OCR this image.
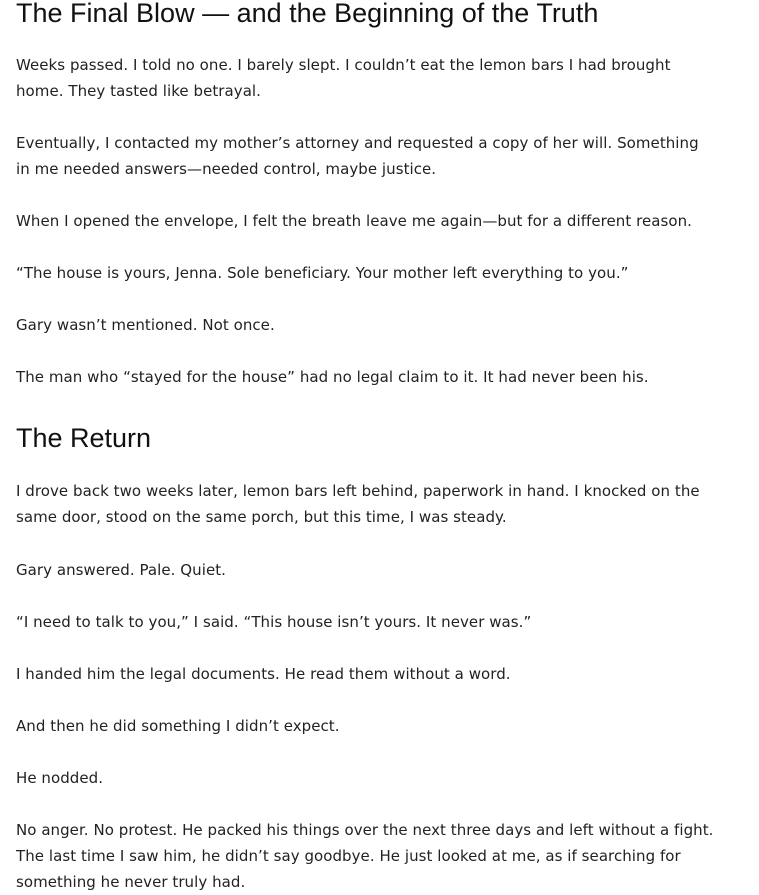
The Final Blow — and the Beginning of the Truth

Weeks passed. I told no one. I barely slept. I couldn’t eat the lemon bars I had brought home. They tasted like betrayal.

Eventually, I contacted my mother’s attorney and requested a copy of her will. Something in me needed answers—needed control, maybe justice.

When I opened the envelope, I felt the breath leave me again—but for a different reason.

“The house is yours, Jenna. Sole beneficiary. Your mother left everything to you.”

Gary wasn’t mentioned. Not once.

The man who “stayed for the house” had no legal claim to it. It had never been his.

The Return

I drove back two weeks later, lemon bars left behind, paperwork in hand. I knocked on the same door, stood on the same porch, but this time, I was steady.

Gary answered. Pale. Quiet.

“I need to talk to you,” I said. “This house isn’t yours. It never was.”

I handed him the legal documents. He read them without a word.

And then he did something I didn’t expect.

He nodded.

No anger. No protest. He packed his things over the next three days and left without a fight. The last time I saw him, he didn’t say goodbye. He just looked at me, as if searching for something he never truly had.
